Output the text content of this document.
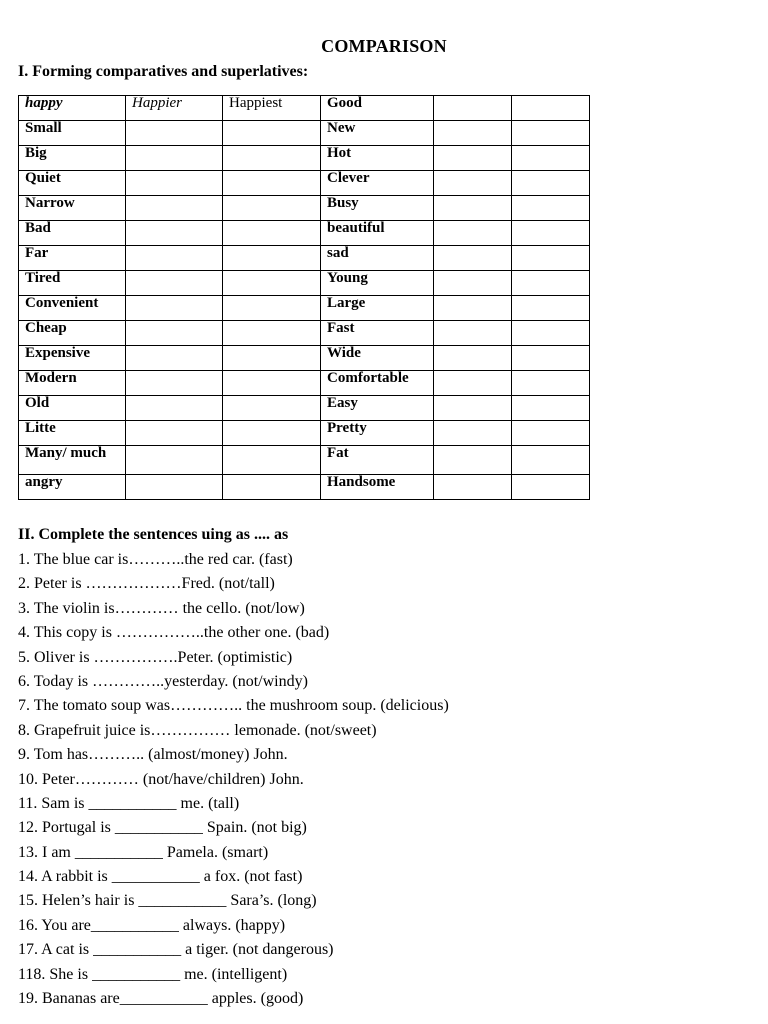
COMPARISON
I. Forming comparatives and superlatives:
happy	Happier	Happiest	Good		
Small			New		
Big			Hot		
Quiet			Clever		
Narrow			Busy		
Bad			beautiful		
Far			sad		
Tired			Young		
Convenient			Large		
Cheap			Fast		
Expensive			Wide		
Modern			Comfortable		
Old			Easy		
Litte			Pretty		
Many/ much			Fat		
angry			Handsome		
II. Complete the sentences uing as .... as
1. The blue car is………..the red car. (fast)
2. Peter is ………………Fred. (not/tall)
3. The violin is………… the cello. (not/low)
4. This copy is ……………..the other one. (bad)
5. Oliver is …………….Peter. (optimistic)
6. Today is …………..yesterday. (not/windy)
7. The tomato soup was………….. the mushroom soup. (delicious)
8. Grapefruit juice is…………… lemonade. (not/sweet)
9. Tom has……….. (almost/money) John.
10. Peter………… (not/have/children) John.
11. Sam is ___________ me. (tall)
12. Portugal is ___________ Spain. (not big)
13. I am ___________ Pamela. (smart)
14. A rabbit is ___________ a fox. (not fast)
15. Helen’s hair is ___________ Sara’s. (long)
16. You are___________ always. (happy)
17. A cat is ___________ a tiger. (not dangerous)
118. She is ___________ me. (intelligent)
19. Bananas are___________ apples. (good)
